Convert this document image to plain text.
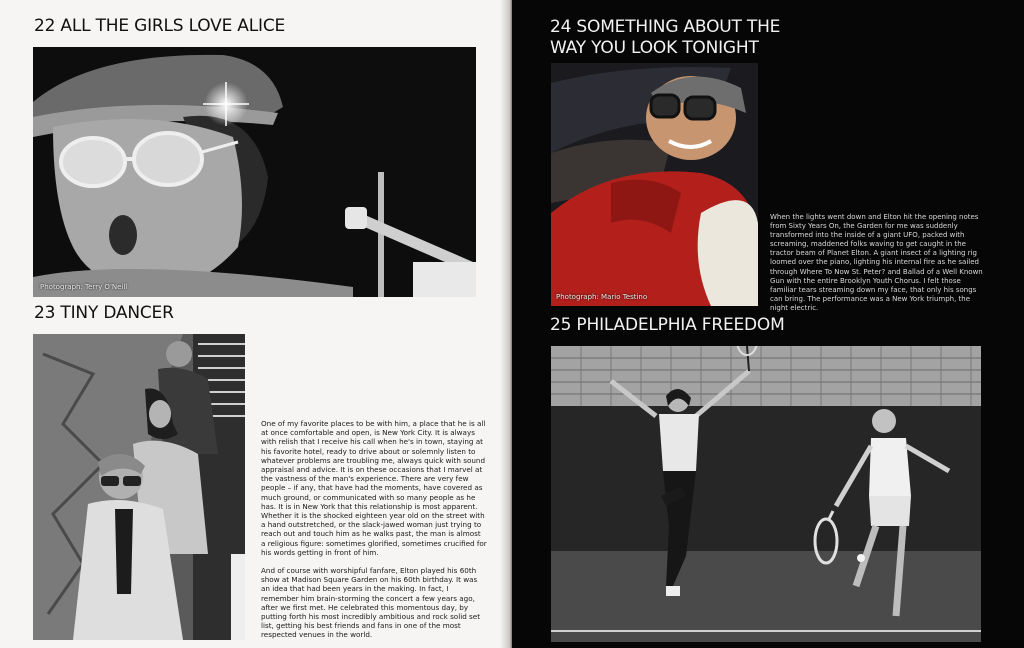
22 ALL THE GIRLS LOVE ALICE
Photograph: Terry O'Neill
23 TINY DANCER

One of my favorite places to be with him, a place that he is all at once comfortable and open, is New York City. It is always with relish that I receive his call when he's in town, staying at his favorite hotel, ready to drive about or solemnly listen to whatever problems are troubling me, always quick with sound appraisal and advice. It is on these occasions that I marvel at the vastness of the man's experience. There are very few people – if any, that have had the moments, have covered as much ground, or communicated with so many people as he has. It is in New York that this relationship is most apparent. Whether it is the shocked eighteen year old on the street with a hand outstretched, or the slack-jawed woman just trying to reach out and touch him as he walks past, the man is almost a religious figure: sometimes glorified, sometimes crucified for his words getting in front of him.

And of course with worshipful fanfare, Elton played his 60th show at Madison Square Garden on his 60th birthday. It was an idea that had been years in the making. In fact, I remember him brain-storming the concert a few years ago, after we first met. He celebrated this momentous day, by putting forth his most incredibly ambitious and rock solid set list, getting his best friends and fans in one of the most respected venues in the world.

24 SOMETHING ABOUT THE
WAY YOU LOOK TONIGHT
Photograph: Mario Testino

When the lights went down and Elton hit the opening notes from Sixty Years On, the Garden for me was suddenly transformed into the inside of a giant UFO, packed with screaming, maddened folks waving to get caught in the tractor beam of Planet Elton. A giant insect of a lighting rig loomed over the piano, lighting his internal fire as he sailed through Where To Now St. Peter? and Ballad of a Well Known Gun with the entire Brooklyn Youth Chorus. I felt those familiar tears streaming down my face, that only his songs can bring. The performance was a New York triumph, the night electric.

25 PHILADELPHIA FREEDOM
